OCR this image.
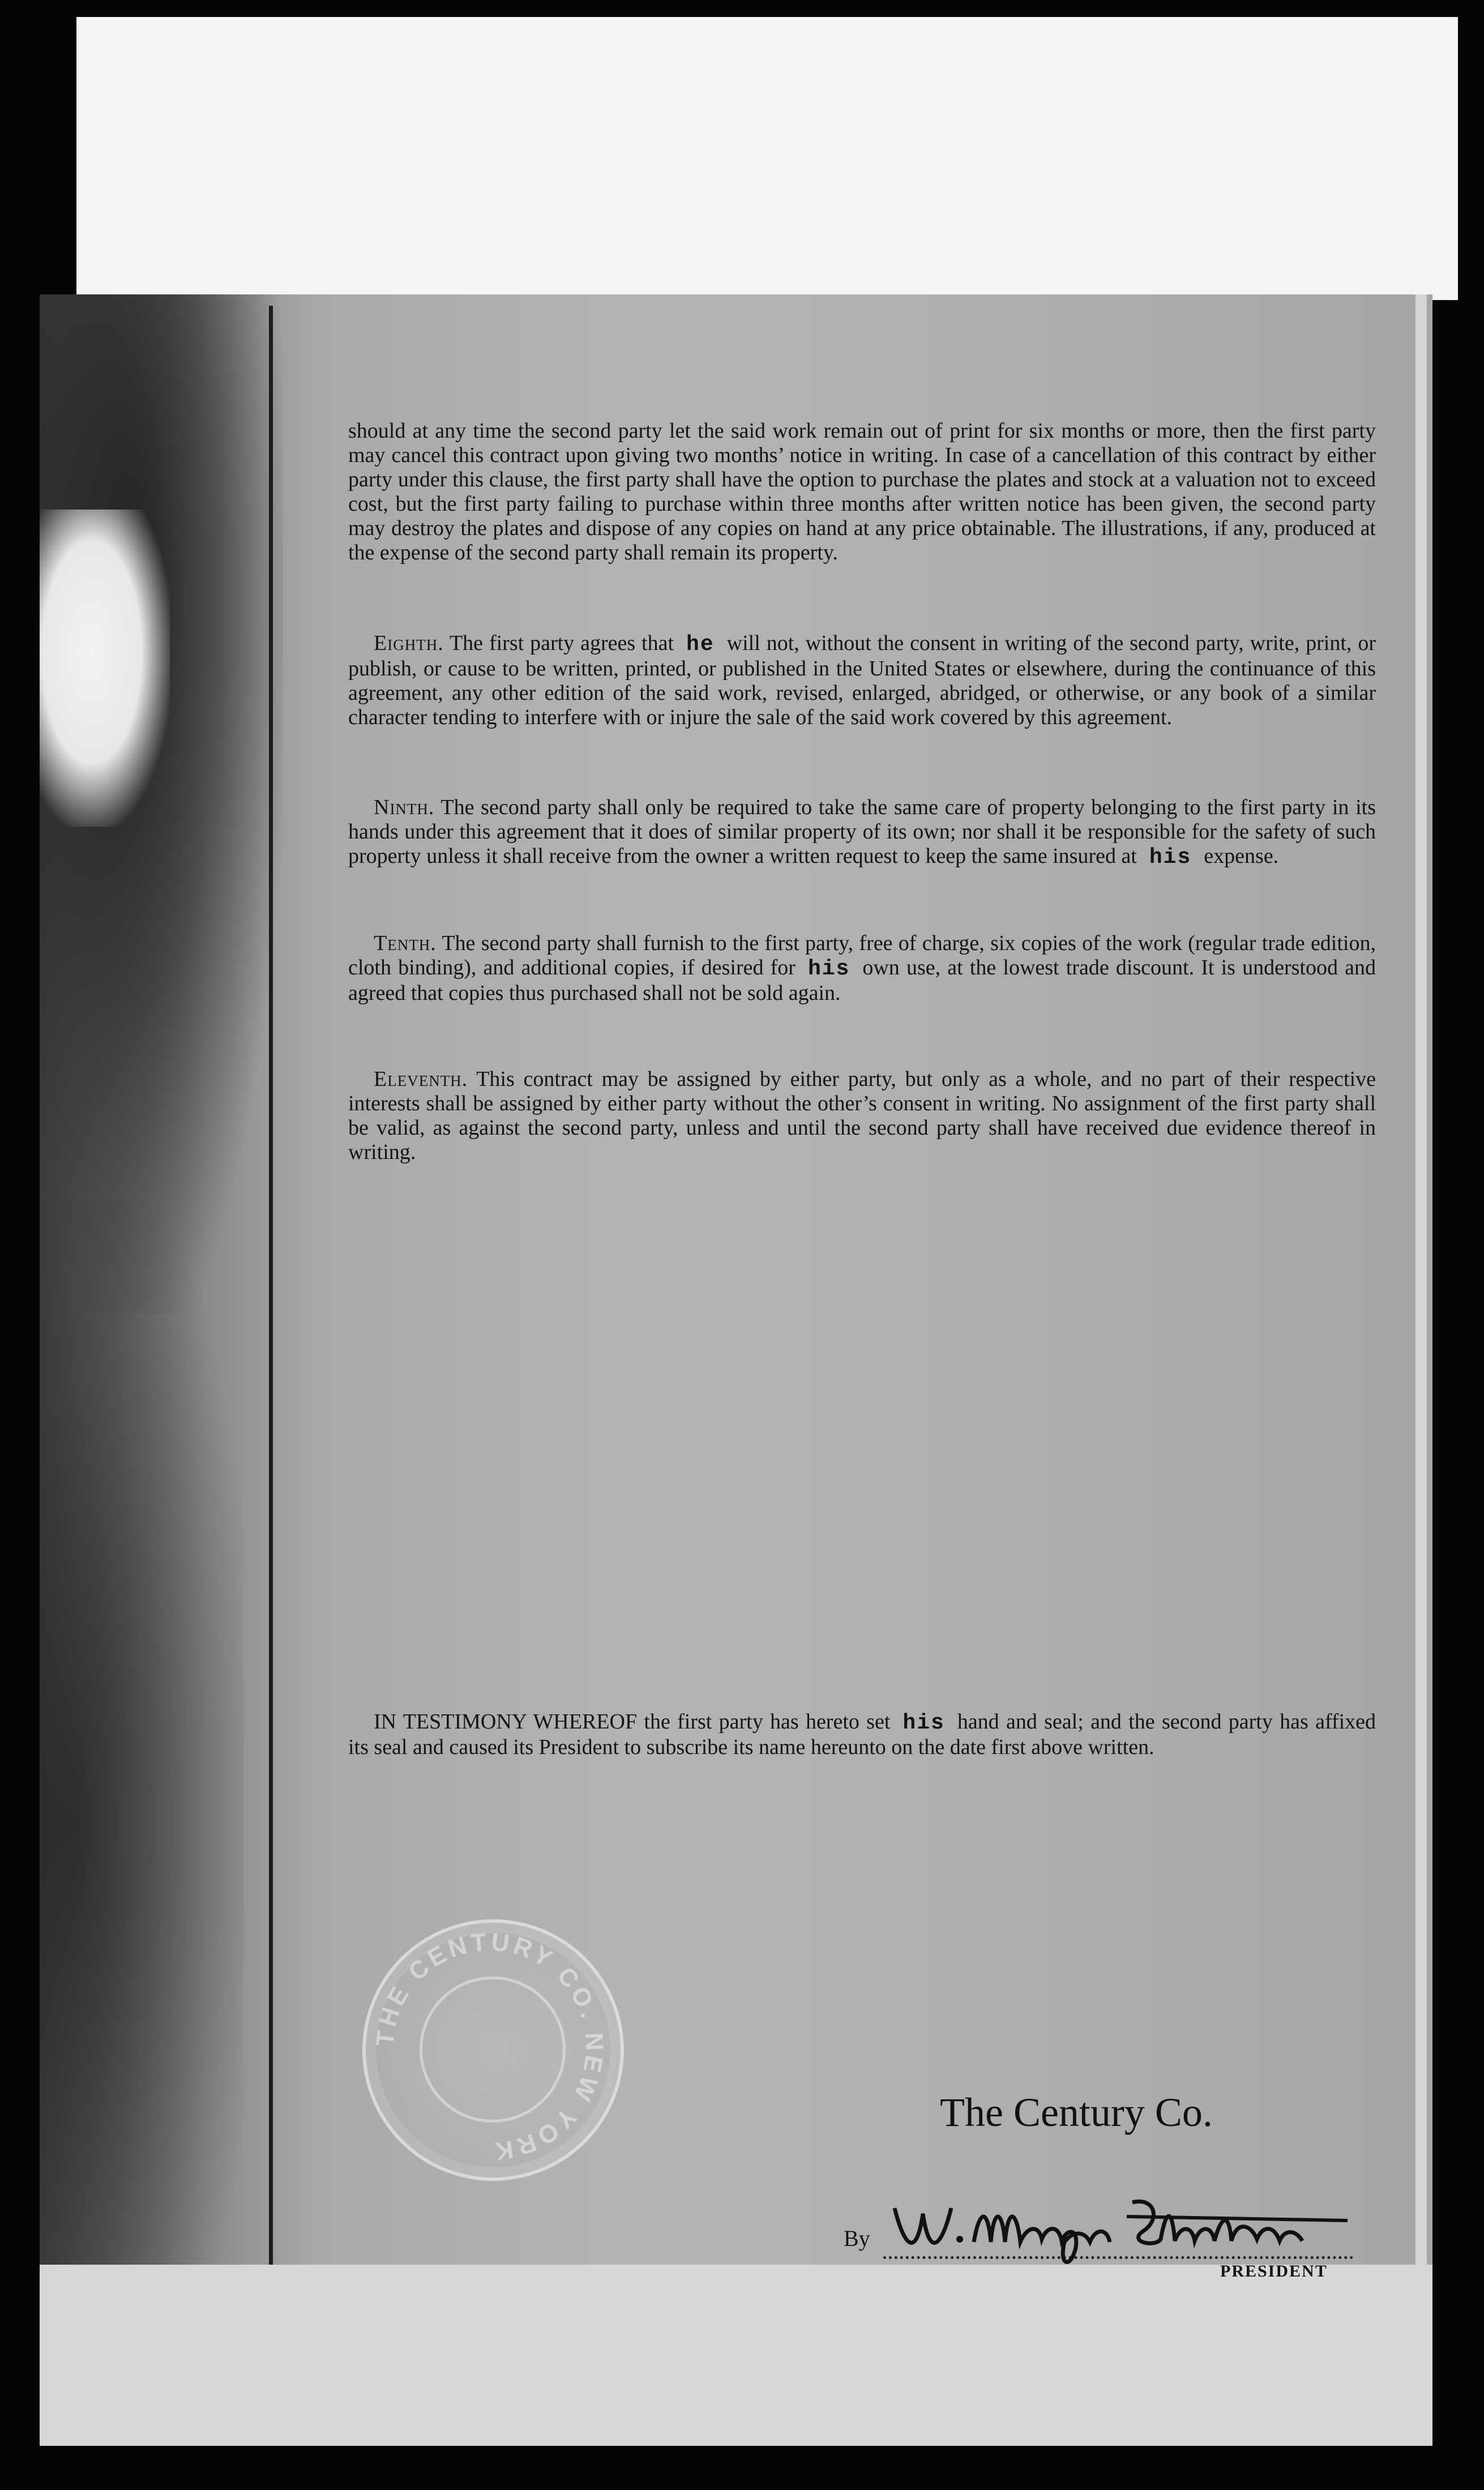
should at any time the second party let the said work remain out of print for six months or more, then the first party may cancel this contract upon giving two months’ notice in writing. In case of a cancellation of this contract by either party under this clause, the first party shall have the option to purchase the plates and stock at a valuation not to exceed cost, but the first party failing to purchase within three months after written notice has been given, the second party may destroy the plates and dispose of any copies on hand at any price obtainable. The illustrations, if any, produced at the expense of the second party shall remain its property.
Eighth. The first party agrees that he will not, without the consent in writing of the second party, write, print, or publish, or cause to be written, printed, or published in the United States or elsewhere, during the continuance of this agreement, any other edition of the said work, revised, enlarged, abridged, or otherwise, or any book of a similar character tending to interfere with or injure the sale of the said work covered by this agreement.
Ninth. The second party shall only be required to take the same care of property belonging to the first party in its hands under this agreement that it does of similar property of its own; nor shall it be responsible for the safety of such property unless it shall receive from the owner a written request to keep the same insured at his expense.
Tenth. The second party shall furnish to the first party, free of charge, six copies of the work (regular trade edition, cloth binding), and additional copies, if desired for his own use, at the lowest trade discount. It is understood and agreed that copies thus purchased shall not be sold again.
Eleventh. This contract may be assigned by either party, but only as a whole, and no part of their respective interests shall be assigned by either party without the other’s consent in writing. No assignment of the first party shall be valid, as against the second party, unless and until the second party shall have received due evidence thereof in writing.
IN TESTIMONY WHEREOF the first party has hereto set his hand and seal; and the second party has affixed its seal and caused its President to subscribe its name hereunto on the date first above written.
THE CENTURY CO. NEW YORK
The Century Co.
By
PRESIDENT
